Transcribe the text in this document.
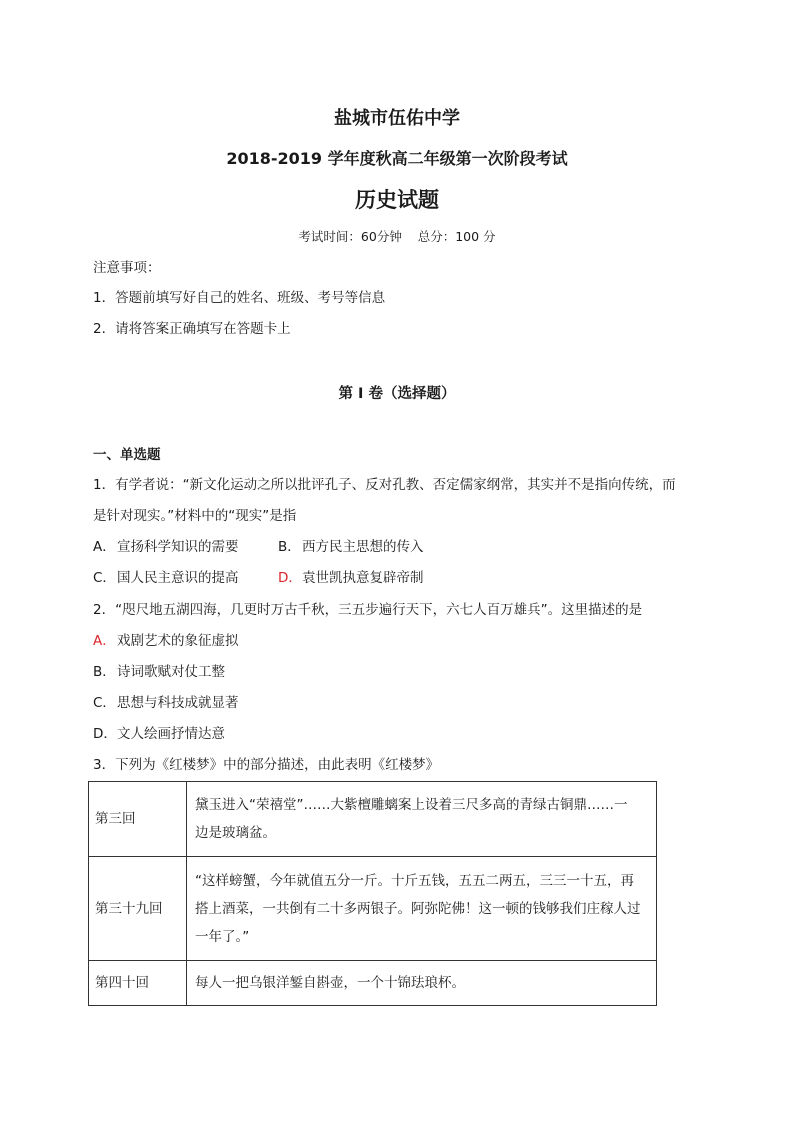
盐城市伍佑中学
2018-2019 学年度秋高二年级第一次阶段考试
历史试题
考试时间：60分钟    总分：100 分
注意事项：
1．答题前填写好自己的姓名、班级、考号等信息
2．请将答案正确填写在答题卡上
第 I 卷（选择题）
一、单选题
1．有学者说：“新文化运动之所以批评孔子、反对孔教、否定儒家纲常，其实并不是指向传统，而
是针对现实。”材料中的“现实”是指
A．宣扬科学知识的需要	B．西方民主思想的传入
C．国人民主意识的提高	D．袁世凯执意复辟帝制
2．“咫尺地五湖四海，几更时万古千秋，三五步遍行天下，六七人百万雄兵”。这里描述的是
A．戏剧艺术的象征虚拟
B．诗词歌赋对仗工整
C．思想与科技成就显著
D．文人绘画抒情达意
3．下列为《红楼梦》中的部分描述，由此表明《红楼梦》
第三回	黛玉进入“荣禧堂”……大紫檀雕螭案上设着三尺多高的青绿古铜鼎……一
边是玻璃盆。

第三十九回	“这样螃蟹，今年就值五分一斤。十斤五钱，五五二两五，三三一十五，再
搭上酒菜，一共倒有二十多两银子。阿弥陀佛！这一顿的钱够我们庄稼人过
一年了。”

第四十回	每人一把乌银洋錾自斟壶，一个十锦珐琅杯。
